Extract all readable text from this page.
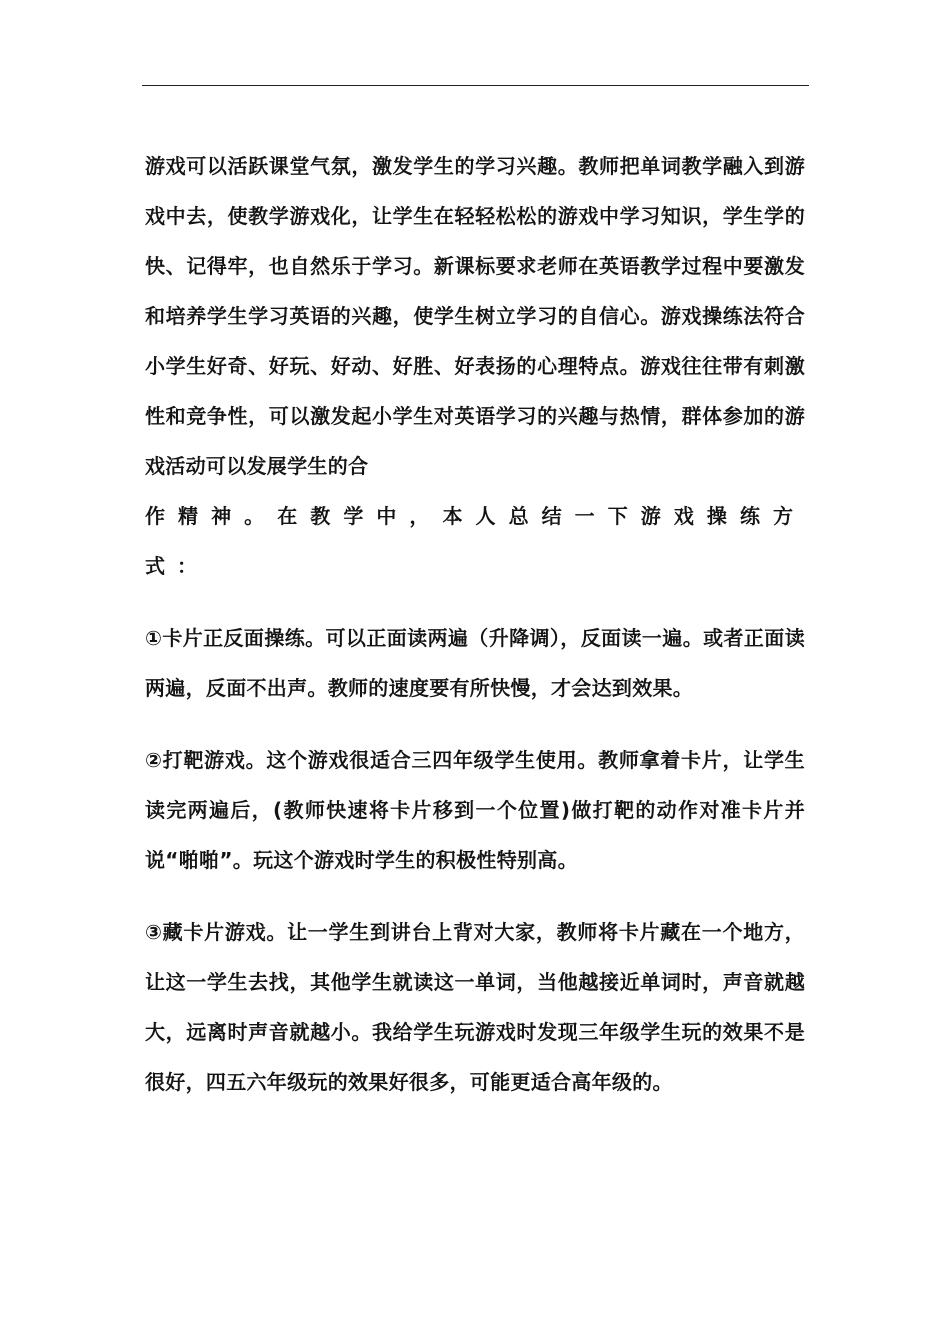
游戏可以活跃课堂气氛，激发学生的学习兴趣。教师把单词教学融入到游戏中去，使教学游戏化，让学生在轻轻松松的游戏中学习知识，学生学的快、记得牢，也自然乐于学习。新课标要求老师在英语教学过程中要激发和培养学生学习英语的兴趣，使学生树立学习的自信心。游戏操练法符合小学生好奇、好玩、好动、好胜、好表扬的心理特点。游戏往往带有刺激性和竞争性，可以激发起小学生对英语学习的兴趣与热情，群体参加的游戏活动可以发展学生的合
作精神。在教学中，本人总结一下游戏操练方式：

①卡片正反面操练。可以正面读两遍（升降调），反面读一遍。或者正面读两遍，反面不出声。教师的速度要有所快慢，才会达到效果。

②打靶游戏。这个游戏很适合三四年级学生使用。教师拿着卡片，让学生读完两遍后，(教师快速将卡片移到一个位置)做打靶的动作对准卡片并说“啪啪”。玩这个游戏时学生的积极性特别高。

③藏卡片游戏。让一学生到讲台上背对大家，教师将卡片藏在一个地方，让这一学生去找，其他学生就读这一单词，当他越接近单词时，声音就越大，远离时声音就越小。我给学生玩游戏时发现三年级学生玩的效果不是很好，四五六年级玩的效果好很多，可能更适合高年级的。
